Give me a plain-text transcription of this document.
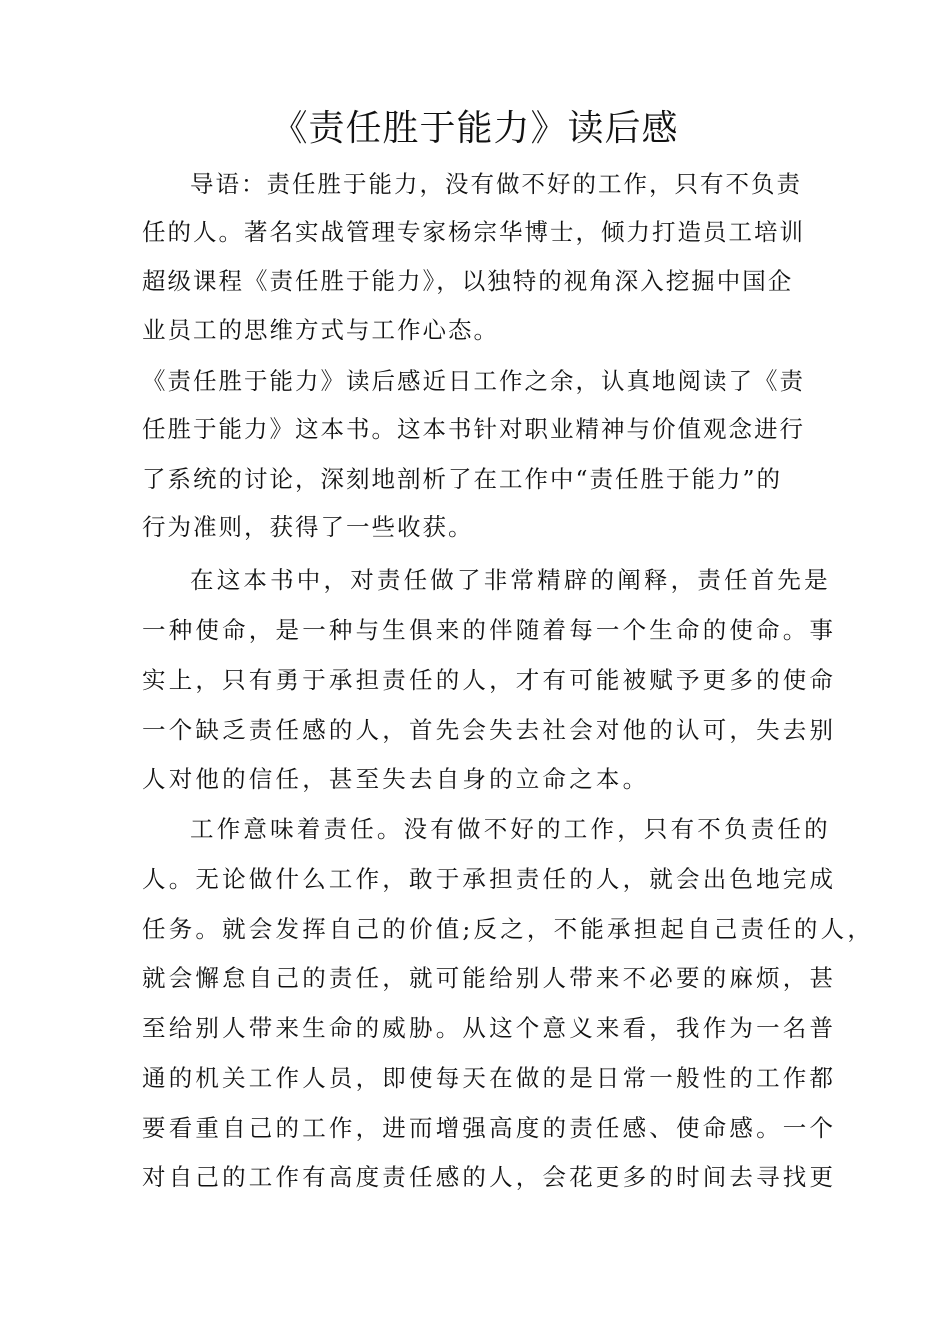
《责任胜于能力》读后感
导语：责任胜于能力，没有做不好的工作，只有不负责
任的人。著名实战管理专家杨宗华博士，倾力打造员工培训
超级课程《责任胜于能力》，以独特的视角深入挖掘中国企
业员工的思维方式与工作心态。
《责任胜于能力》读后感近日工作之余，认真地阅读了《责
任胜于能力》这本书。这本书针对职业精神与价值观念进行
了系统的讨论，深刻地剖析了在工作中“责任胜于能力”的
行为准则，获得了一些收获。
在这本书中，对责任做了非常精辟的阐释，责任首先是
一种使命，是一种与生俱来的伴随着每一个生命的使命。事
实上，只有勇于承担责任的人，才有可能被赋予更多的使命
一个缺乏责任感的人，首先会失去社会对他的认可，失去别
人对他的信任，甚至失去自身的立命之本。
工作意味着责任。没有做不好的工作，只有不负责任的
人。无论做什么工作，敢于承担责任的人，就会出色地完成
任务。就会发挥自己的价值;反之，不能承担起自己责任的人，
就会懈怠自己的责任，就可能给别人带来不必要的麻烦，甚
至给别人带来生命的威胁。从这个意义来看，我作为一名普
通的机关工作人员，即使每天在做的是日常一般性的工作都
要看重自己的工作，进而增强高度的责任感、使命感。一个
对自己的工作有高度责任感的人，会花更多的时间去寻找更
